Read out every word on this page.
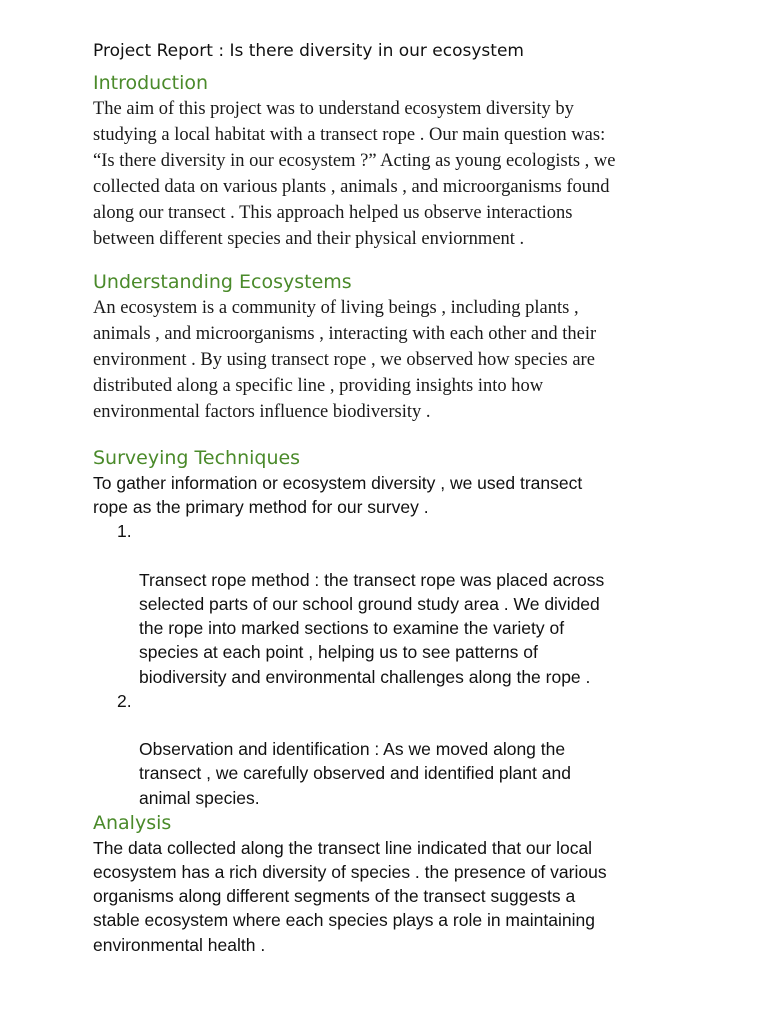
Project Report : Is there diversity in our ecosystem
Introduction

The aim of this project was to understand ecosystem diversity by
studying a local habitat with a transect rope . Our main question was:
“Is there diversity in our ecosystem ?” Acting as young ecologists , we
collected data on various plants , animals , and microorganisms found
along our transect . This approach helped us observe interactions
between different species and their physical enviornment .

Understanding Ecosystems

An ecosystem is a community of living beings , including plants ,
animals , and microorganisms , interacting with each other and their
environment . By using transect rope , we observed how species are
distributed along a specific line , providing insights into how
environmental factors influence biodiversity .

Surveying Techniques

To gather information or ecosystem diversity , we used transect
rope as the primary method for our survey .

1.

Transect rope method : the transect rope was placed across
selected parts of our school ground study area . We divided
the rope into marked sections to examine the variety of
species at each point , helping us to see patterns of
biodiversity and environmental challenges along the rope .

2.

Observation and identification : As we moved along the
transect , we carefully observed and identified plant and
animal species.

Analysis

The data collected along the transect line indicated that our local
ecosystem has a rich diversity of species . the presence of various
organisms along different segments of the transect suggests a
stable ecosystem where each species plays a role in maintaining
environmental health .
